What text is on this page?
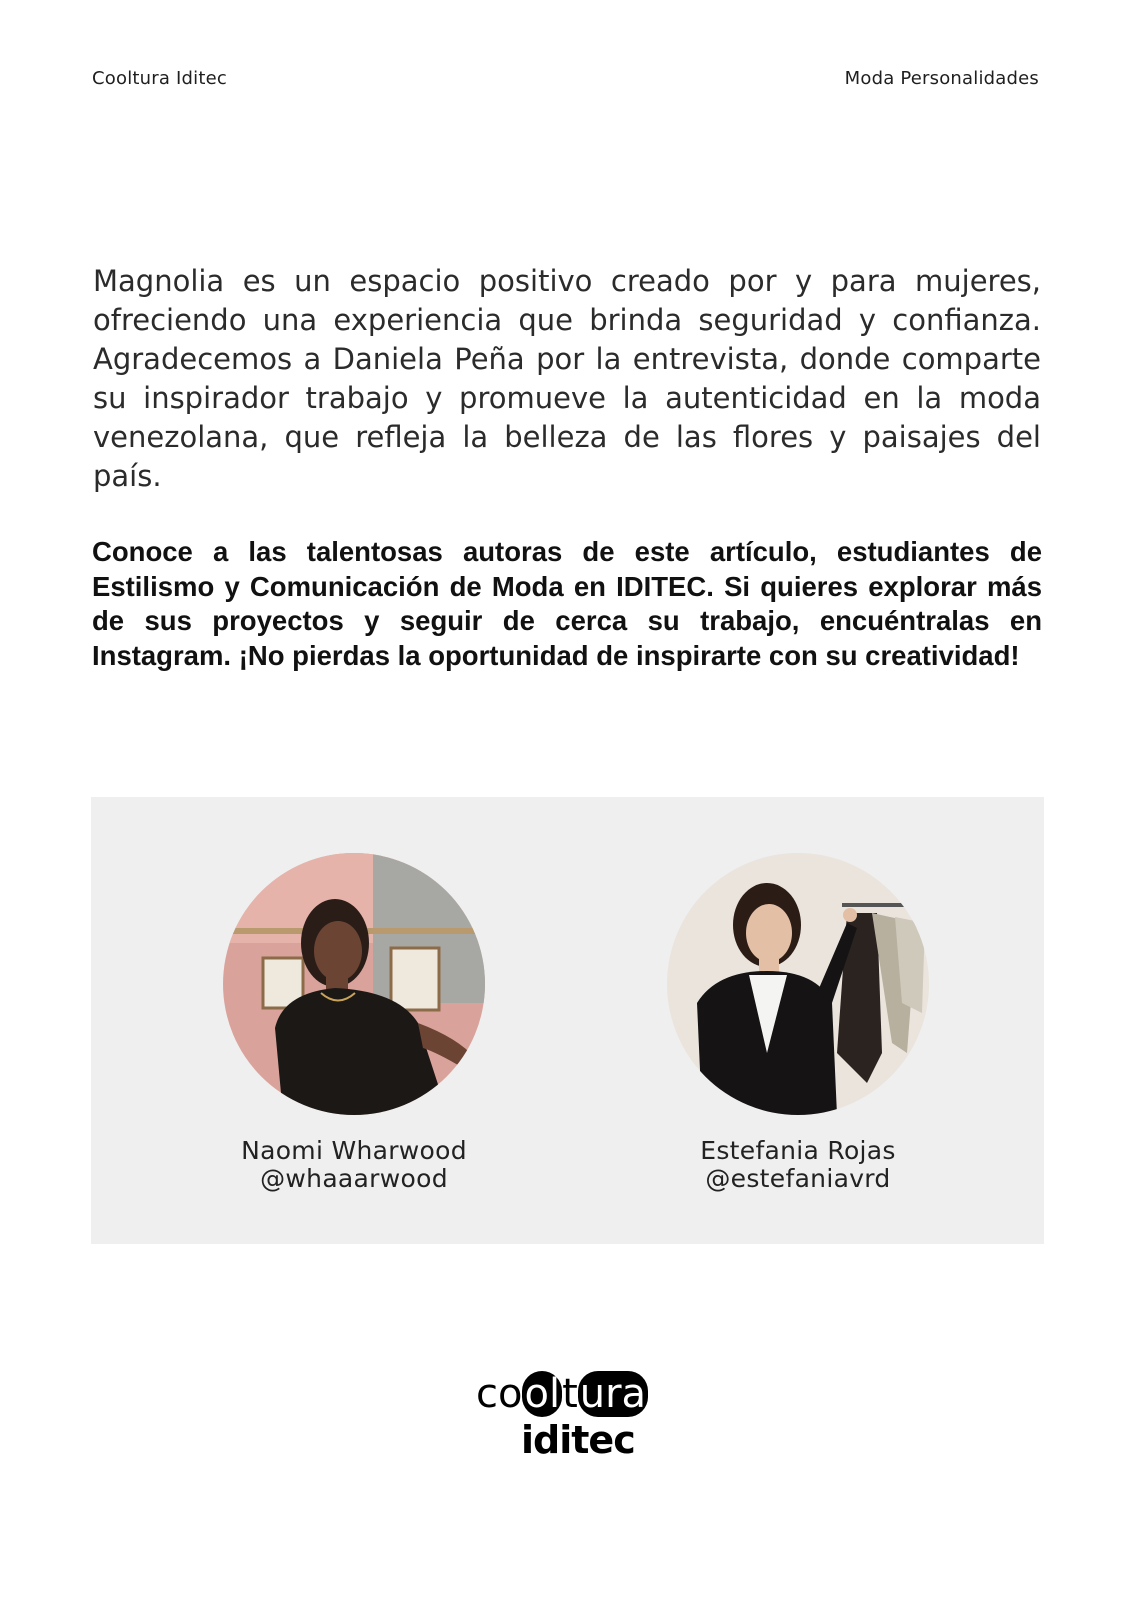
Cooltura Iditec	Moda Personalidades

Magnolia es un espacio positivo creado por y para mujeres, ofreciendo una experiencia que brinda seguridad y confianza. Agradecemos a Daniela Peña por la entrevista, donde comparte su inspirador trabajo y promueve la autenticidad en la moda venezolana, que refleja la belleza de las flores y paisajes del país.

Conoce a las talentosas autoras de este artículo, estudiantes de Estilismo y Comunicación de Moda en IDITEC. Si quieres explorar más de sus proyectos y seguir de cerca su trabajo, encuéntralas en Instagram. ¡No pierdas la oportunidad de inspirarte con su creatividad!

Naomi Wharwood
@whaaarwood
Estefania Rojas
@estefaniavrd
cooltura
iditec
